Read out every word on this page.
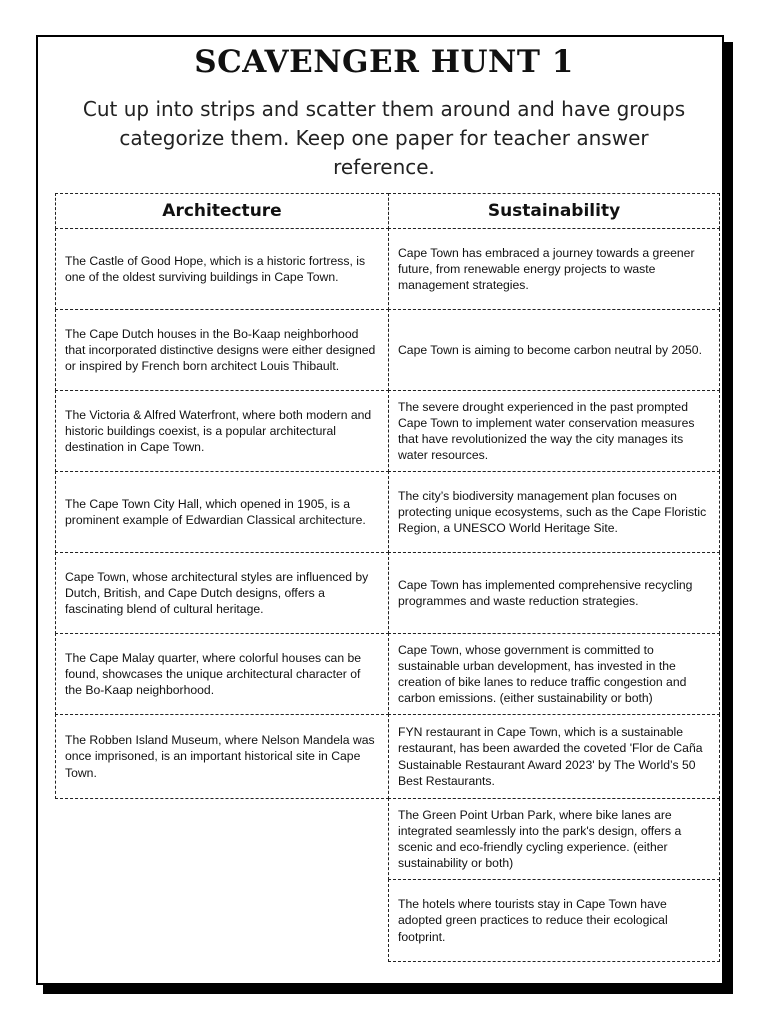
SCAVENGER HUNT 1
Cut up into strips and scatter them around and have groups categorize them. Keep one paper for teacher answer reference.
Architecture
The Castle of Good Hope, which is a historic fortress, is one of the oldest surviving buildings in Cape Town.
The Cape Dutch houses in the Bo-Kaap neighborhood that incorporated distinctive designs were either designed or inspired by French born architect Louis Thibault.
The Victoria & Alfred Waterfront, where both modern and historic buildings coexist, is a popular architectural destination in Cape Town.
The Cape Town City Hall, which opened in 1905, is a prominent example of Edwardian Classical architecture.
Cape Town, whose architectural styles are influenced by Dutch, British, and Cape Dutch designs, offers a fascinating blend of cultural heritage.
The Cape Malay quarter, where colorful houses can be found, showcases the unique architectural character of the Bo-Kaap neighborhood.
The Robben Island Museum, where Nelson Mandela was once imprisoned, is an important historical site in Cape Town.
Sustainability
Cape Town has embraced a journey towards a greener future, from renewable energy projects to waste management strategies.
Cape Town is aiming to become carbon neutral by 2050.
The severe drought experienced in the past prompted Cape Town to implement water conservation measures that have revolutionized the way the city manages its water resources.
The city’s biodiversity management plan focuses on protecting unique ecosystems, such as the Cape Floristic Region, a UNESCO World Heritage Site.
Cape Town has implemented comprehensive recycling programmes and waste reduction strategies.
Cape Town, whose government is committed to sustainable urban development, has invested in the creation of bike lanes to reduce traffic congestion and carbon emissions. (either sustainability or both)
FYN restaurant in Cape Town, which is a sustainable restaurant, has been awarded the coveted 'Flor de Caña Sustainable Restaurant Award 2023' by The World’s 50 Best Restaurants.
The Green Point Urban Park, where bike lanes are integrated seamlessly into the park's design, offers a scenic and eco-friendly cycling experience. (either sustainability or both)
The hotels where tourists stay in Cape Town have adopted green practices to reduce their ecological footprint.
